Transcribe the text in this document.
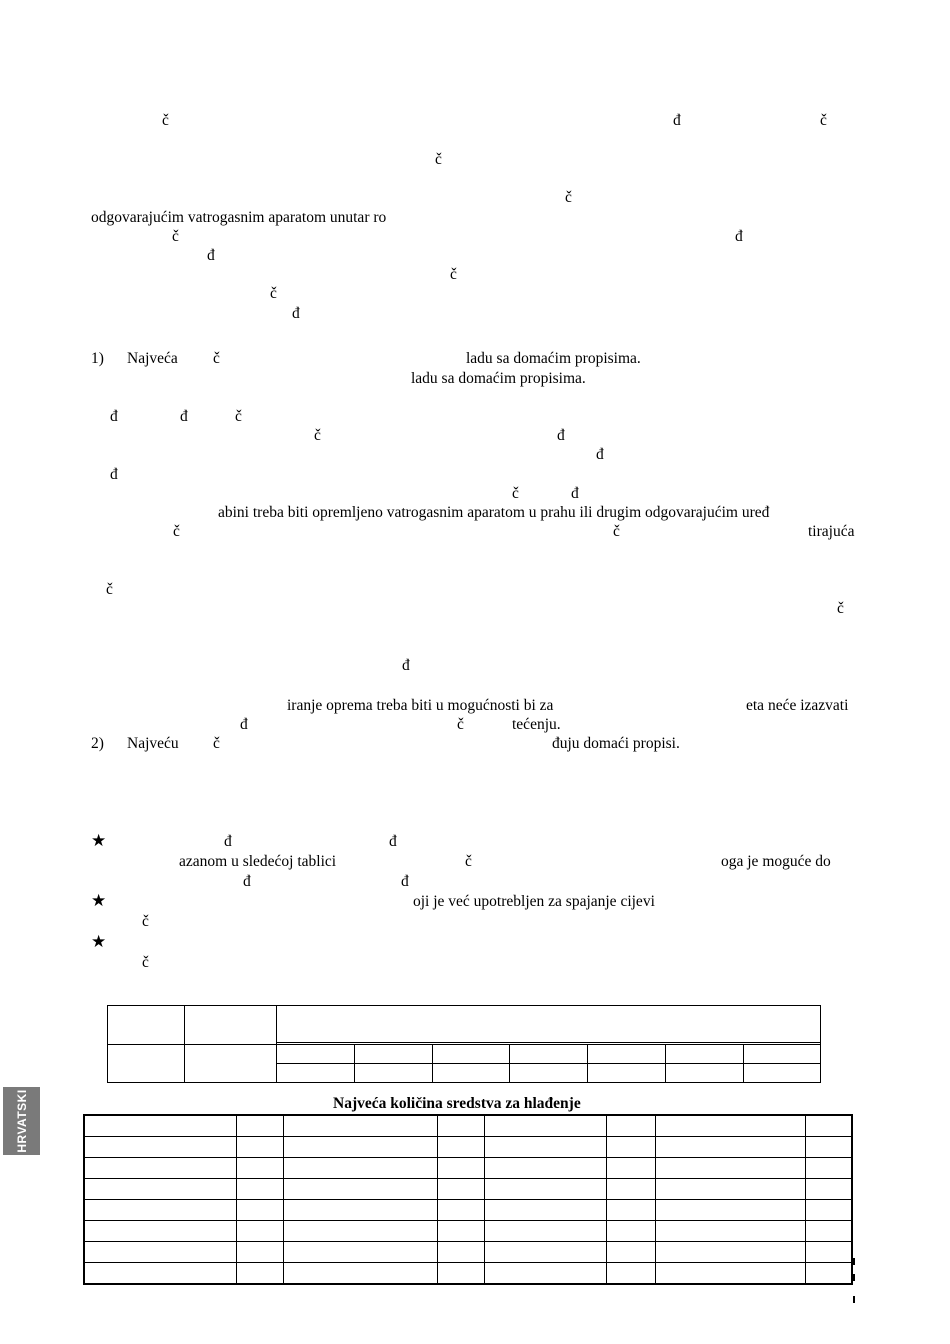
HRVATSKI
č	đ	č
č
č
odgovarajućim vatrogasnim aparatom unutar ro
č	đ
đ
č
č
đ
1) Najveća č	ladu sa domaćim propisima.
ladu sa domaćim propisima.
đ	đ	č
č	đ
đ
đ
č	đ
abini treba biti opremljeno vatrogasnim aparatom u prahu ili drugim odgovarajućim uređ
č	č	tirajuća
č
č
đ
iranje oprema treba biti u mogućnosti bi za	eta neće izazvati
đ	č	tećenju.
2) Najveću č	đuju domaći propisi.
★	đ	đ
azanom u sledećoj tablici	č	oga je moguće do
đ	đ
★	oji je već upotrebljen za spajanje cijevi
č
★
č

Najveća količina sredstva za hlađenje
